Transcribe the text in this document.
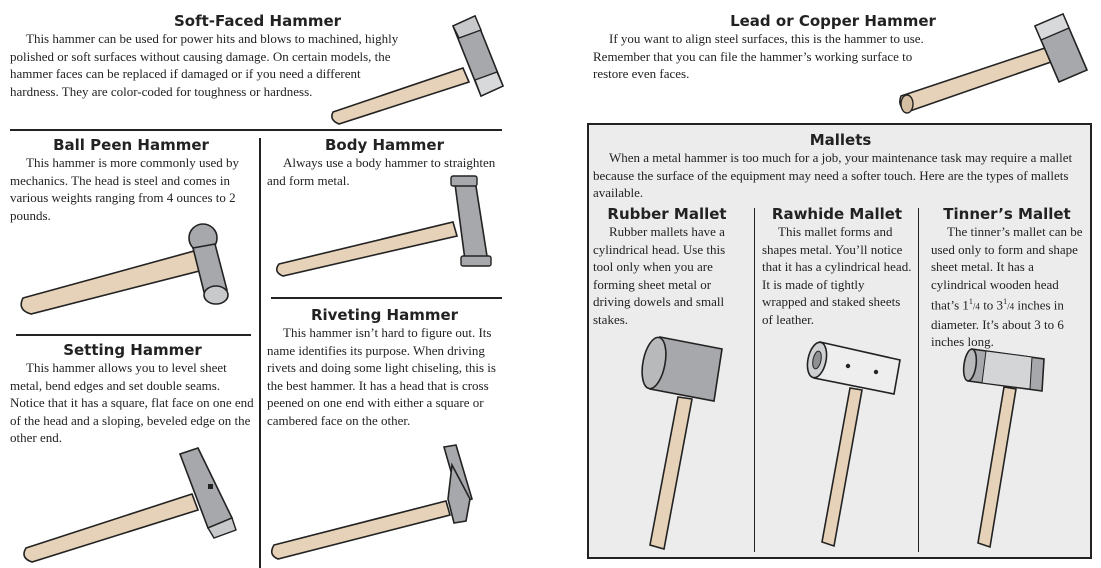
Soft-Faced Hammer

This hammer can be used for power hits and blows to machined, highly polished or soft surfaces without causing damage. On certain models, the hammer faces can be replaced if damaged or if you need a different hardness. They are color-coded for toughness or hardness.

Lead or Copper Hammer

If you want to align steel surfaces, this is the hammer to use. Remember that you can file the hammer’s working surface to restore even faces.

Ball Peen Hammer

This hammer is more commonly used by mechanics. The head is steel and comes in various weights ranging from 4 ounces to 2 pounds.

Body Hammer

Always use a body hammer to straighten and form metal.

Riveting Hammer

This hammer isn’t hard to figure out. Its name identifies its purpose. When driving rivets and doing some light chiseling, this is the best hammer. It has a head that is cross peened on one end with either a square or cambered face on the other.

Setting Hammer

This hammer allows you to level sheet metal, bend edges and set double seams. Notice that it has a square, flat face on one end of the head and a sloping, beveled edge on the other end.

Mallets

When a metal hammer is too much for a job, your maintenance task may require a mallet because the surface of the equipment may need a softer touch. Here are the types of mallets available.

Rubber Mallet

Rubber mallets have a cylindrical head. Use this tool only when you are forming sheet metal or driving dowels and small stakes.

Rawhide Mallet

This mallet forms and shapes metal. You’ll notice that it has a cylindrical head. It is made of tightly wrapped and staked sheets of leather.

Tinner’s Mallet

The tinner’s mallet can be used only to form and shape sheet metal. It has a cylindrical wooden head that’s $1^1/4$ to $3^1/4$ inches in diameter. It’s about 3 to 6 inches long.
